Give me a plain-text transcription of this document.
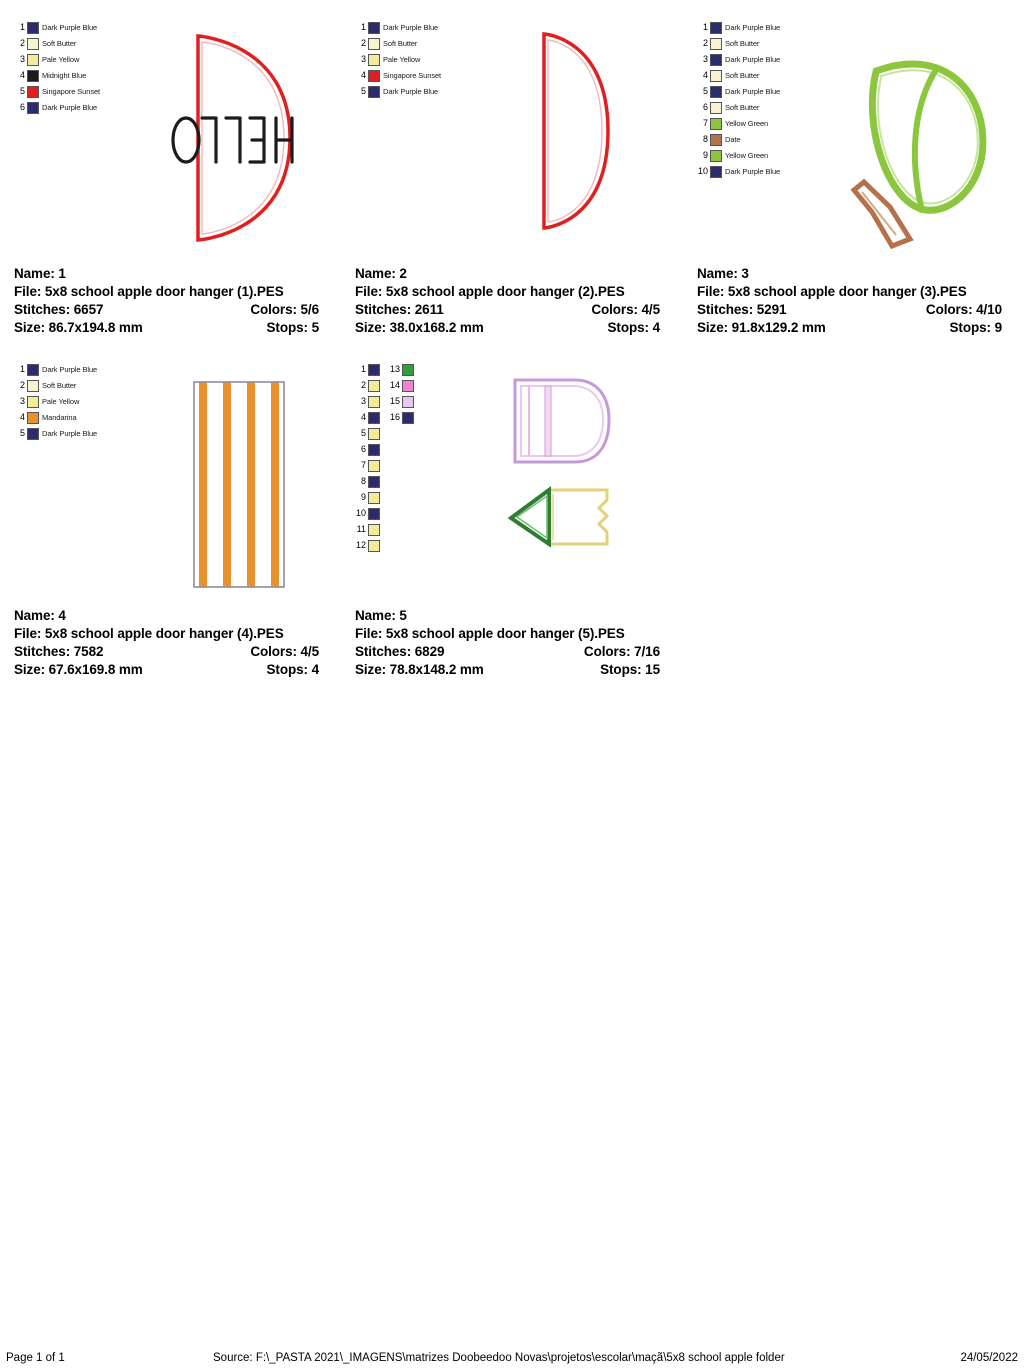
1 Dark Purple Blue
2 Soft Butter
3 Pale Yellow
4 Midnight Blue
5 Singapore Sunset
6 Dark Purple Blue
Name: 1
File: 5x8 school apple door hanger (1).PES
Stitches: 6657	Colors: 5/6
Size: 86.7x194.8 mm	Stops: 5
1 Dark Purple Blue
2 Soft Butter
3 Pale Yellow
4 Singapore Sunset
5 Dark Purple Blue
Name: 2
File: 5x8 school apple door hanger (2).PES
Stitches: 2611	Colors: 4/5
Size: 38.0x168.2 mm	Stops: 4
1 Dark Purple Blue
2 Soft Butter
3 Dark Purple Blue
4 Soft Butter
5 Dark Purple Blue
6 Soft Butter
7 Yellow Green
8 Date
9 Yellow Green
10 Dark Purple Blue
Name: 3
File: 5x8 school apple door hanger (3).PES
Stitches: 5291	Colors: 4/10
Size: 91.8x129.2 mm	Stops: 9
1 Dark Purple Blue
2 Soft Butter
3 Pale Yellow
4 Mandarina
5 Dark Purple Blue
Name: 4
File: 5x8 school apple door hanger (4).PES
Stitches: 7582	Colors: 4/5
Size: 67.6x169.8 mm	Stops: 4
1
2
3
4
5
6
7
8
9
10
11
12
13
14
15
16
Name: 5
File: 5x8 school apple door hanger (5).PES
Stitches: 6829	Colors: 7/16
Size: 78.8x148.2 mm	Stops: 15
Page 1 of 1	Source: F:\_PASTA 2021\_IMAGENS\matrizes Doobeedoo Novas\projetos\escolar\maçã\5x8 school apple folder	24/05/2022
